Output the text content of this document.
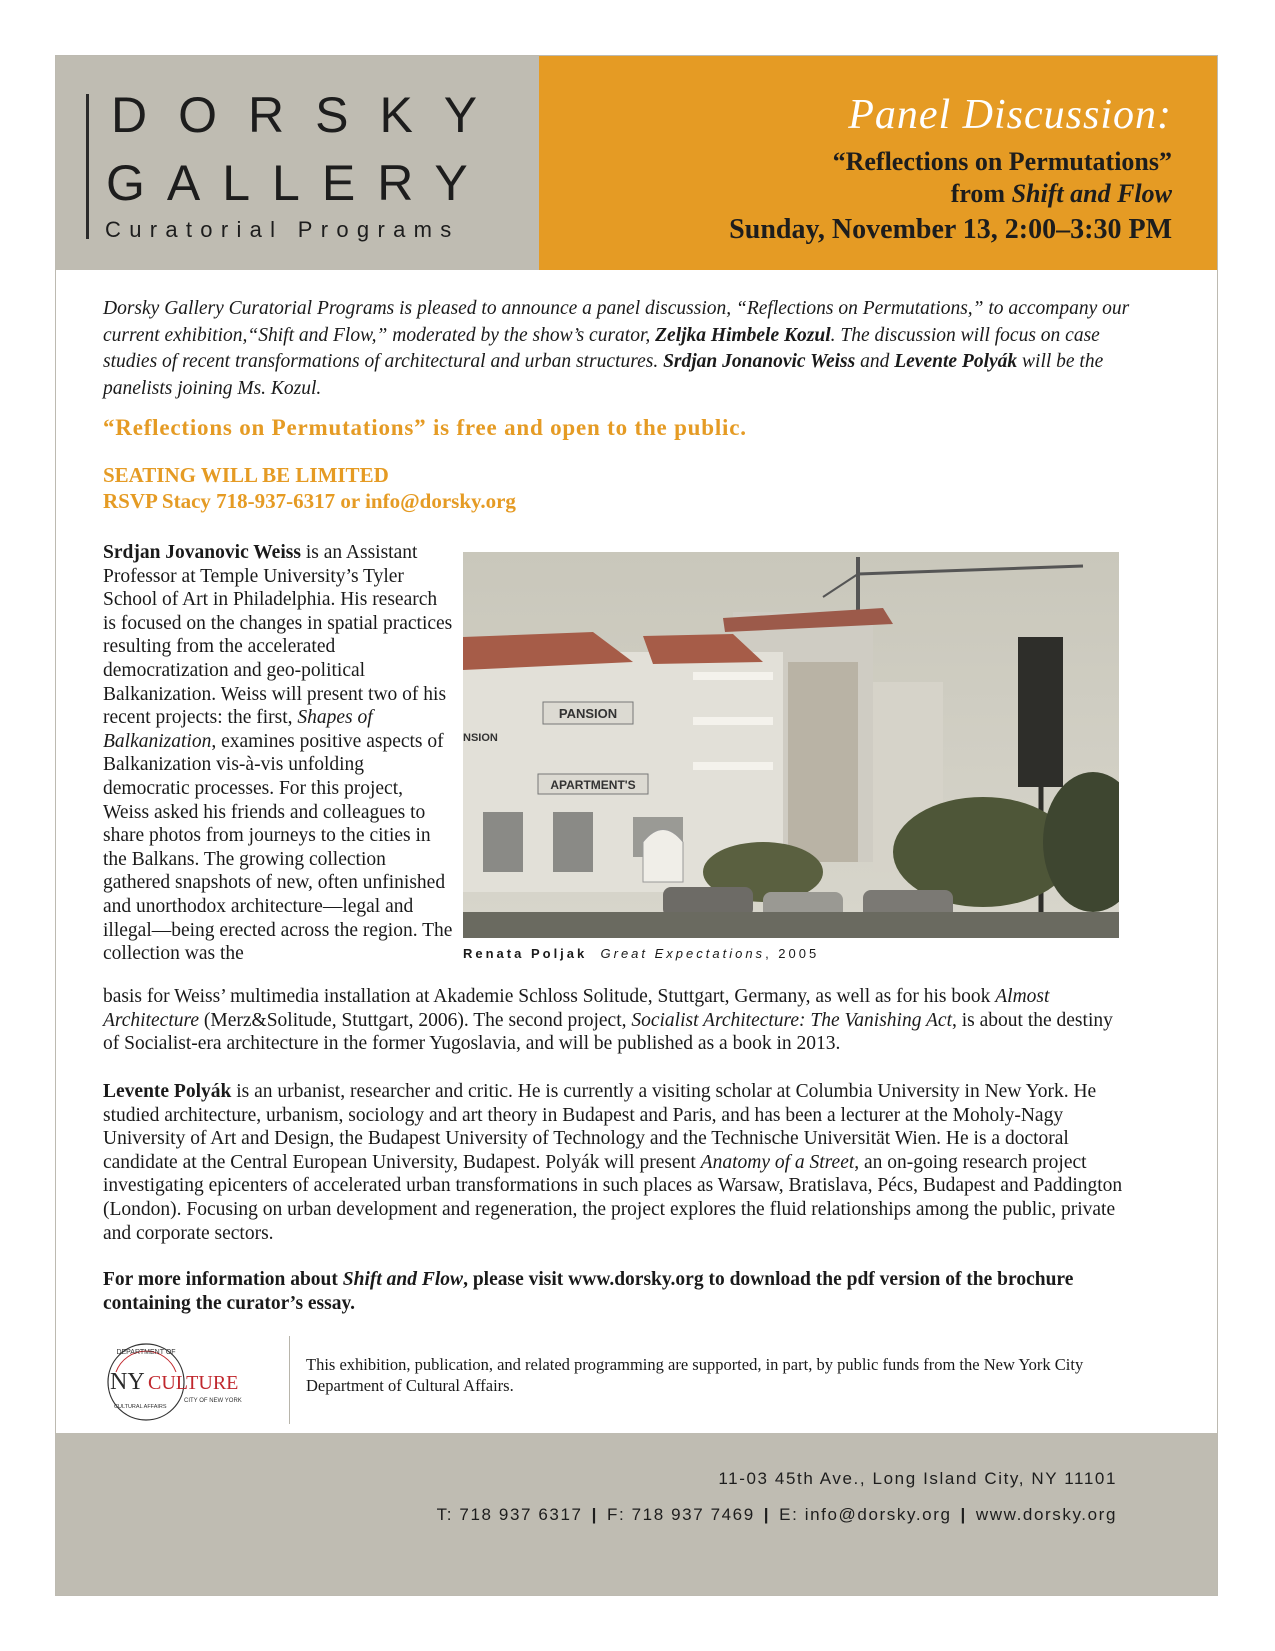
DORSKY
GALLERY
Curatorial Programs
Panel Discussion:
“Reflections on Permutations”
from Shift and Flow
Sunday, November 13, 2:00–3:30 PM
Dorsky Gallery Curatorial Programs is pleased to announce a panel discussion, “Reflections on Permutations,” to accompany our current exhibition,“Shift and Flow,” moderated by the show’s curator, Zeljka Himbele Kozul. The discussion will focus on case studies of recent transformations of architectural and urban structures. Srdjan Jonanovic Weiss and Levente Polyák will be the panelists joining Ms. Kozul.
“Reflections on Permutations” is free and open to the public.
SEATING WILL BE LIMITED
RSVP Stacy 718-937-6317 or info@dorsky.org
PANSION
NSION
APARTMENT'S
Renata Poljak Great Expectations, 2005
Srdjan Jovanovic Weiss is an Assistant Professor at Temple University’s Tyler School of Art in Philadelphia. His research is focused on the changes in spatial practices resulting from the accelerated democratization and geo-political Balkanization. Weiss will present two of his recent projects: the first, Shapes of Balkanization, examines positive aspects of Balkanization vis-à-vis unfolding democratic processes. For this project, Weiss asked his friends and colleagues to share photos from journeys to the cities in the Balkans. The growing collection gathered snapshots of new, often unfinished and unorthodox architecture—legal and illegal—being erected across the region. The collection was the
basis for Weiss’ multimedia installation at Akademie Schloss Solitude, Stuttgart, Germany, as well as for his book Almost Architecture (Merz&Solitude, Stuttgart, 2006). The second project, Socialist Architecture: The Vanishing Act, is about the destiny of Socialist-era architecture in the former Yugoslavia, and will be published as a book in 2013.
Levente Polyák is an urbanist, researcher and critic. He is currently a visiting scholar at Columbia University in New York. He studied architecture, urbanism, sociology and art theory in Budapest and Paris, and has been a lecturer at the Moholy-Nagy University of Art and Design, the Budapest University of Technology and the Technische Universität Wien. He is a doctoral candidate at the Central European University, Budapest. Polyák will present Anatomy of a Street, an on-going research project investigating epicenters of accelerated urban transformations in such places as Warsaw, Bratislava, Pécs, Budapest and Paddington (London). Focusing on urban development and regeneration, the project explores the fluid relationships among the public, private and corporate sectors.
For more information about Shift and Flow, please visit www.dorsky.org to download the pdf version of the brochure containing the curator’s essay.
DEPARTMENT OF
NY CULTURE
CULTURAL AFFAIRS
CITY OF NEW YORK
This exhibition, publication, and related programming are supported, in part, by public funds from the New York City Department of Cultural Affairs.
11-03 45th Ave., Long Island City, NY 11101
T: 718 937 6317 | F: 718 937 7469 | E: info@dorsky.org | www.dorsky.org
